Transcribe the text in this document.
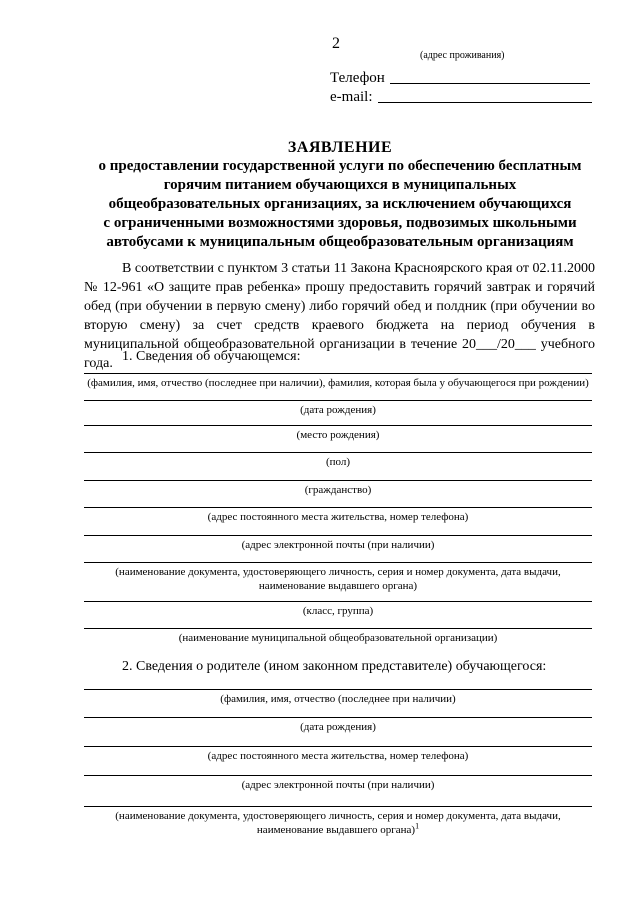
2
(адрес проживания)
Телефон
e-mail:
ЗАЯВЛЕНИЕ
о предоставлении государственной услуги по обеспечению бесплатным
горячим питанием обучающихся в муниципальных
общеобразовательных организациях, за исключением обучающихся
с ограниченными возможностями здоровья, подвозимых школьными
автобусами к муниципальным общеобразовательным организациям
В соответствии с пунктом 3 статьи 11 Закона Красноярского края от 02.11.2000 № 12-961 «О защите прав ребенка» прошу предоставить горячий завтрак и горячий обед (при обучении в первую смену) либо горячий обед и полдник (при обучении во вторую смену) за счет средств краевого бюджета на период обучения в муниципальной общеобразовательной организации в течение 20___/20___ учебного года. 1. Сведения об обучающемся:
(фамилия, имя, отчество (последнее при наличии), фамилия, которая была у обучающегося при рождении)
(дата рождения)
(место рождения)
(пол)
(гражданство)
(адрес постоянного места жительства, номер телефона)
(адрес электронной почты (при наличии)
(наименование документа, удостоверяющего личность, серия и номер документа, дата выдачи,
наименование выдавшего органа)
(класс, группа)
(наименование муниципальной общеобразовательной организации)
2. Сведения о родителе (ином законном представителе) обучающегося:
(фамилия, имя, отчество (последнее при наличии)
(дата рождения)
(адрес постоянного места жительства, номер телефона)
(адрес электронной почты (при наличии)
(наименование документа, удостоверяющего личность, серия и номер документа, дата выдачи,
наименование выдавшего органа)$^1$
